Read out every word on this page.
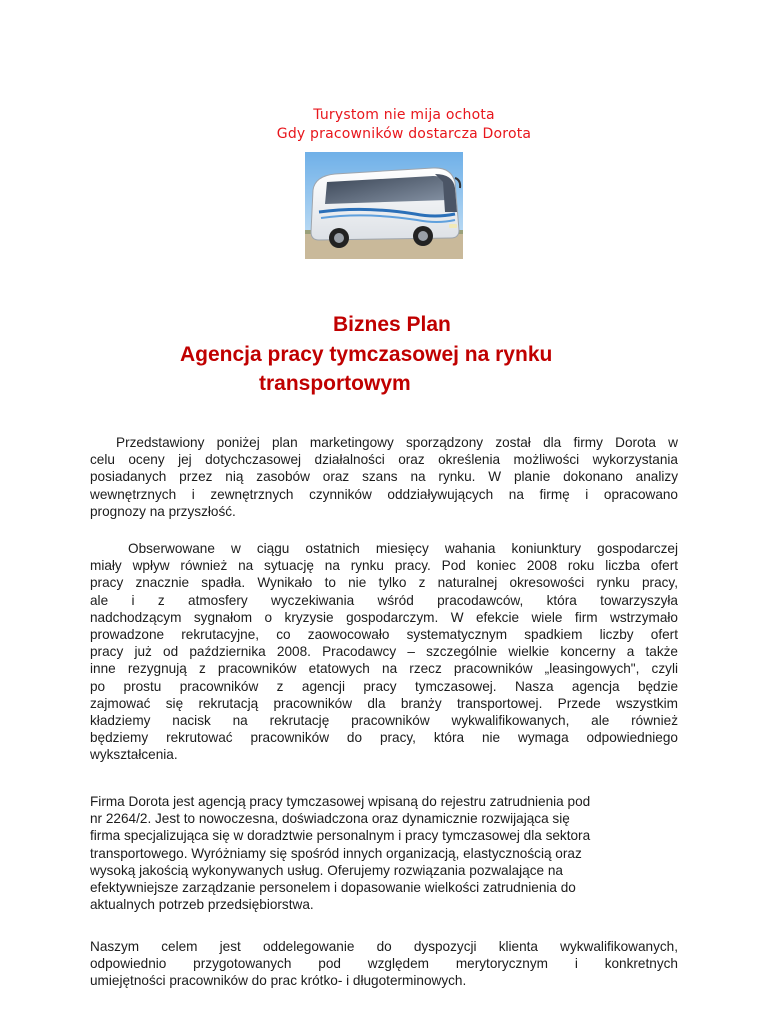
Turystom nie mija ochota
Gdy pracowników dostarcza Dorota
Biznes Plan
Agencja pracy tymczasowej na rynku
transportowym
Przedstawiony poniżej plan marketingowy sporządzony został dla firmy Dorota w
celu oceny jej dotychczasowej działalności oraz określenia możliwości wykorzystania
posiadanych przez nią zasobów oraz szans na rynku. W planie dokonano analizy
wewnętrznych i zewnętrznych czynników oddziaływujących na firmę i opracowano
prognozy na przyszłość.
Obserwowane w ciągu ostatnich miesięcy wahania koniunktury gospodarczej
miały wpływ również na sytuację na rynku pracy. Pod koniec 2008 roku liczba ofert
pracy znacznie spadła. Wynikało to nie tylko z naturalnej okresowości rynku pracy,
ale i z atmosfery wyczekiwania wśród pracodawców, która towarzyszyła
nadchodzącym sygnałom o kryzysie gospodarczym. W efekcie wiele firm wstrzymało
prowadzone rekrutacyjne, co zaowocowało systematycznym spadkiem liczby ofert
pracy już od października 2008. Pracodawcy – szczególnie wielkie koncerny a także
inne rezygnują z pracowników etatowych na rzecz pracowników „leasingowych", czyli
po prostu pracowników z agencji pracy tymczasowej. Nasza agencja będzie
zajmować się rekrutacją pracowników dla branży transportowej. Przede wszystkim
kładziemy nacisk na rekrutację pracowników wykwalifikowanych, ale również
będziemy rekrutować pracowników do pracy, która nie wymaga odpowiedniego
wykształcenia.
Firma Dorota jest agencją pracy tymczasowej wpisaną do rejestru zatrudnienia pod
nr 2264/2. Jest to nowoczesna, doświadczona oraz dynamicznie rozwijająca się
firma specjalizująca się w doradztwie personalnym i pracy tymczasowej dla sektora
transportowego. Wyróżniamy się spośród innych organizacją, elastycznością oraz
wysoką jakością wykonywanych usług. Oferujemy rozwiązania pozwalające na
efektywniejsze zarządzanie personelem i dopasowanie wielkości zatrudnienia do
aktualnych potrzeb przedsiębiorstwa.
Naszym celem jest oddelegowanie do dyspozycji klienta wykwalifikowanych,
odpowiednio przygotowanych pod względem merytorycznym i konkretnych
umiejętności pracowników do prac krótko- i długoterminowych.
